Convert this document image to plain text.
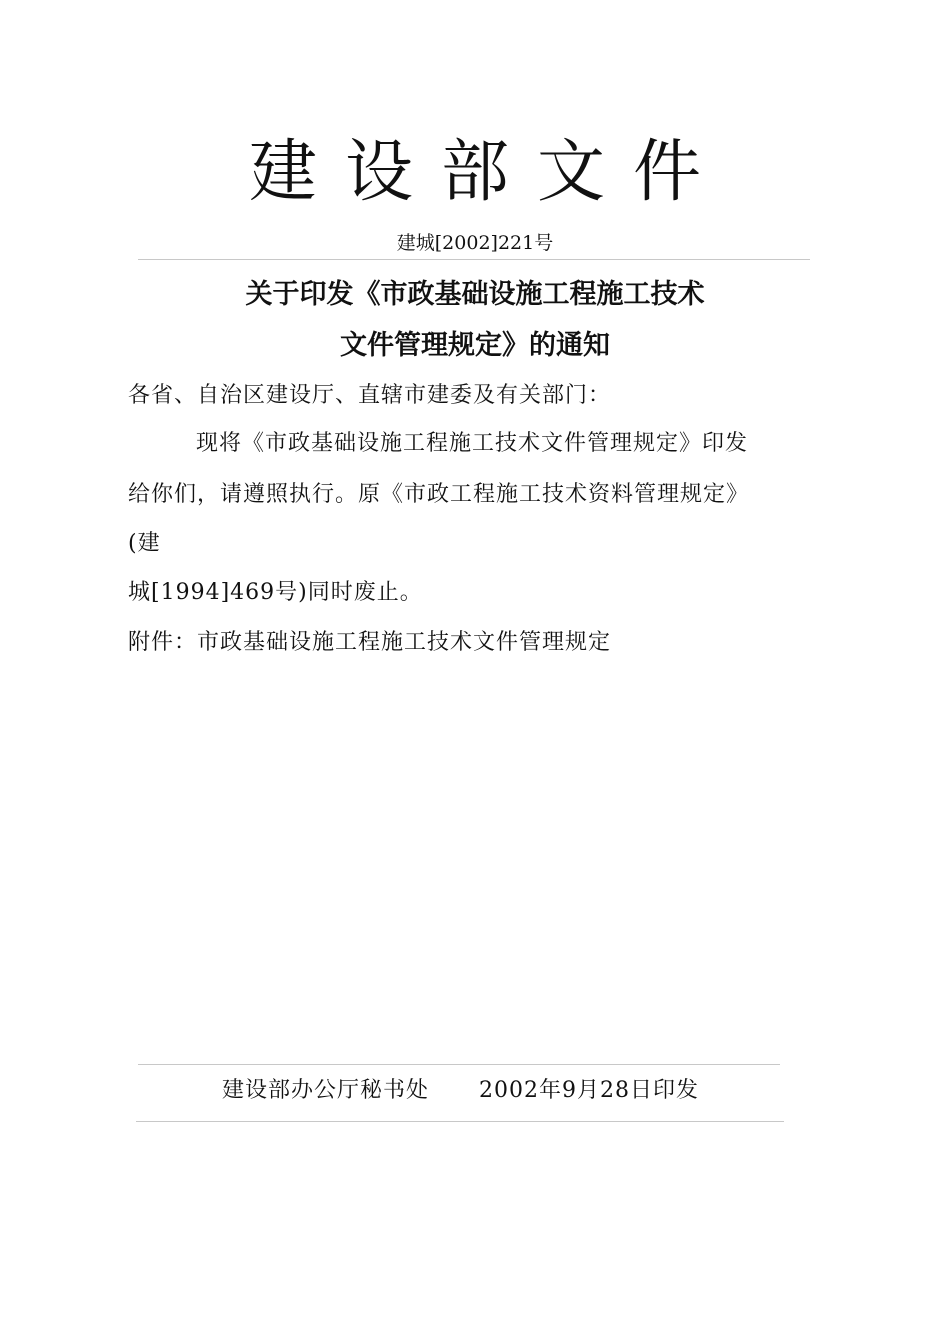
建设部文件
建城[2002]221号
关于印发《市政基础设施工程施工技术
文件管理规定》的通知
各省、自治区建设厅、直辖市建委及有关部门：
现将《市政基础设施工程施工技术文件管理规定》印发
给你们，请遵照执行。原《市政工程施工技术资料管理规定》
(建
城[1994]469号)同时废止。
附件：市政基础设施工程施工技术文件管理规定
建设部办公厅秘书处 2002年9月28日印发
